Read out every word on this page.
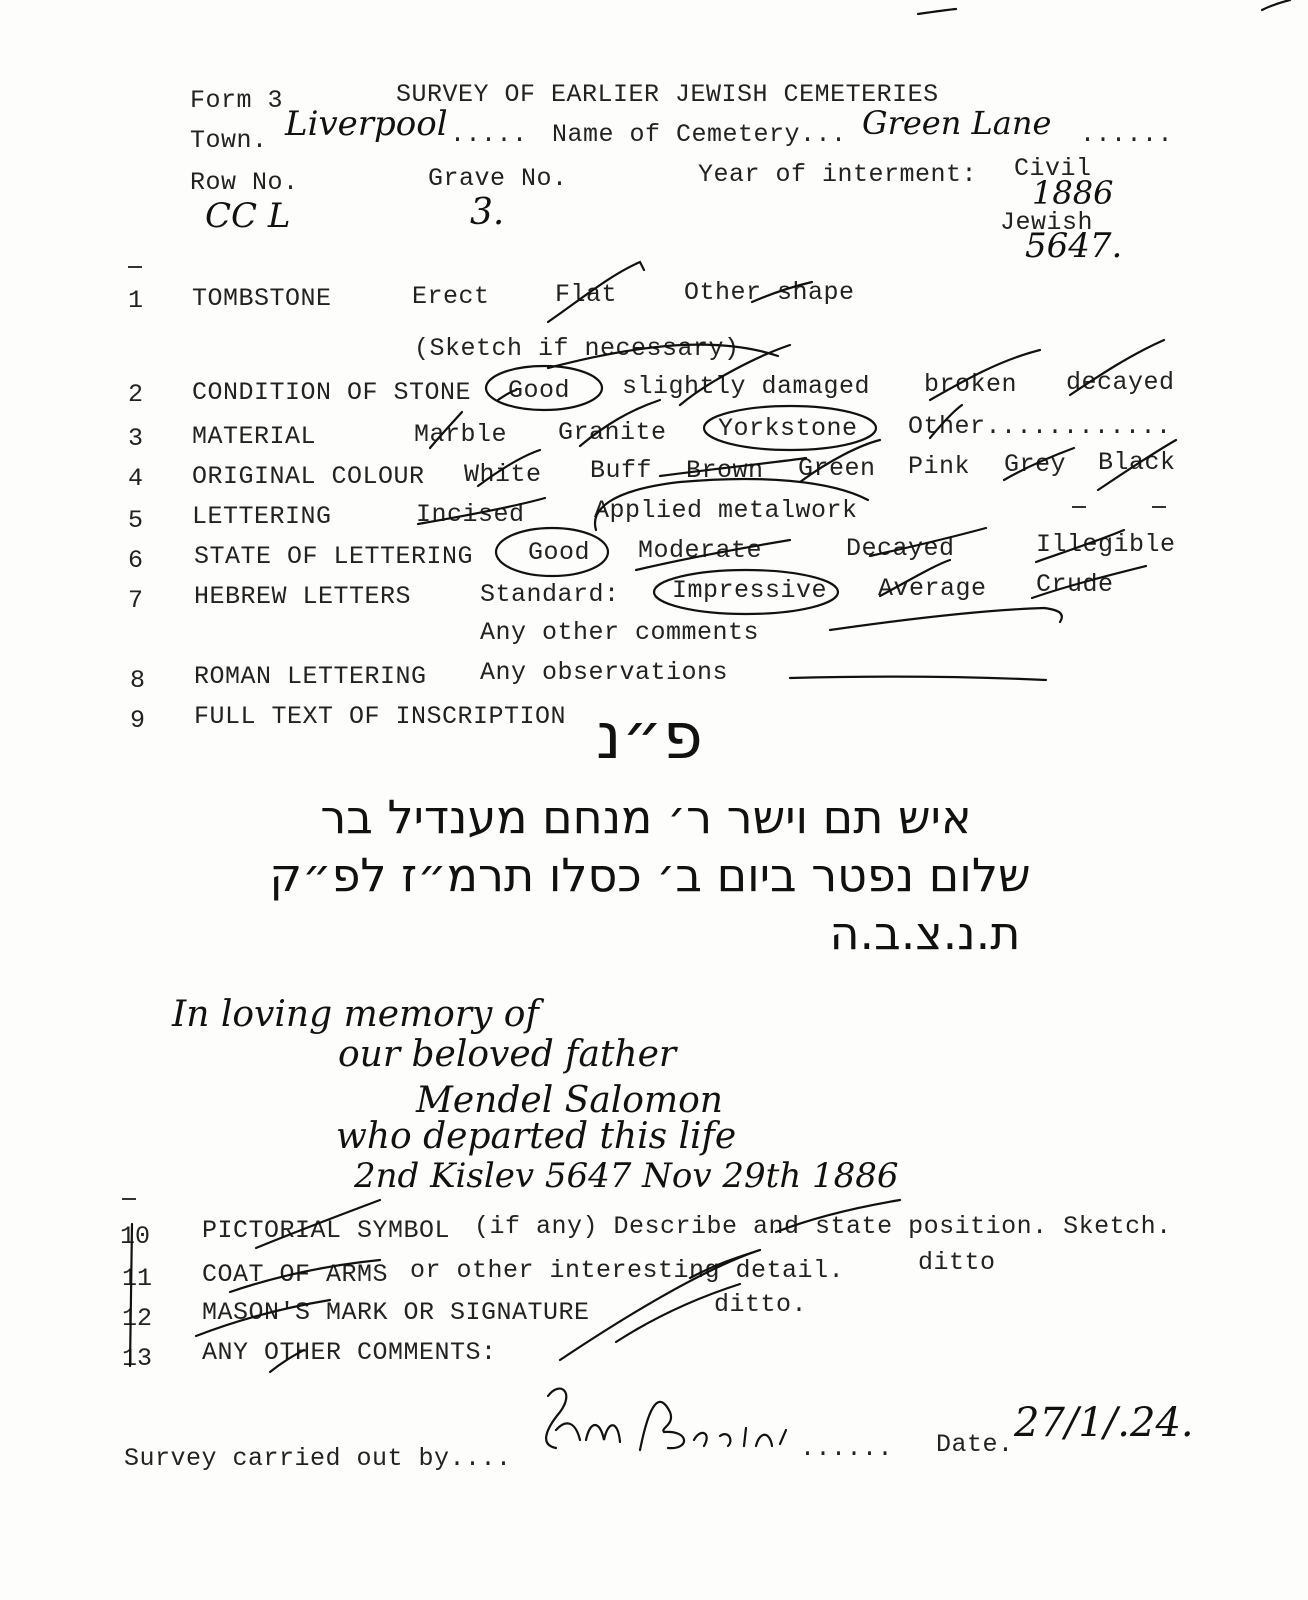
Form 3	SURVEY OF EARLIER JEWISH CEMETERIES
Town. Liverpool ..... Name of Cemetery... Green Lane ......
Row No.
CC L
Grave No.
3.
Year of interment: Civil
1886
Jewish
5647.
1 TOMBSTONE	Erect	Flat	Other shape
(Sketch if necessary)
2 CONDITION OF STONE Good slightly damaged broken decayed
3 MATERIAL	Marble Granite Yorkstone Other............
4 ORIGINAL COLOUR White Buff Brown Green Pink Grey Black
5 LETTERING	Incised	Applied metalwork
6 STATE OF LETTERING Good Moderate	Decayed	Illegible
7 HEBREW LETTERS	Standard: Impressive Average Crude
Any other comments
8 ROMAN LETTERING Any observations
9 FULL TEXT OF INSCRIPTION פ״נ
איש תם וישר ר׳ מנחם מענדיל בר
שלום נפטר ביום ב׳ כסלו תרמ״ז לפ״ק
ת.נ.צ.ב.ה
In loving memory of
our beloved father
Mendel Salomon
who departed this life
2nd Kislev 5647 Nov 29th 1886
10 PICTORIAL SYMBOL (if any) Describe and state position. Sketch.
11 COAT OF ARMS or other interesting detail.	ditto
12 MASON'S MARK OR SIGNATURE	ditto.
13 ANY OTHER COMMENTS:
Survey carried out by....	...... Date. 27/1/.24.
